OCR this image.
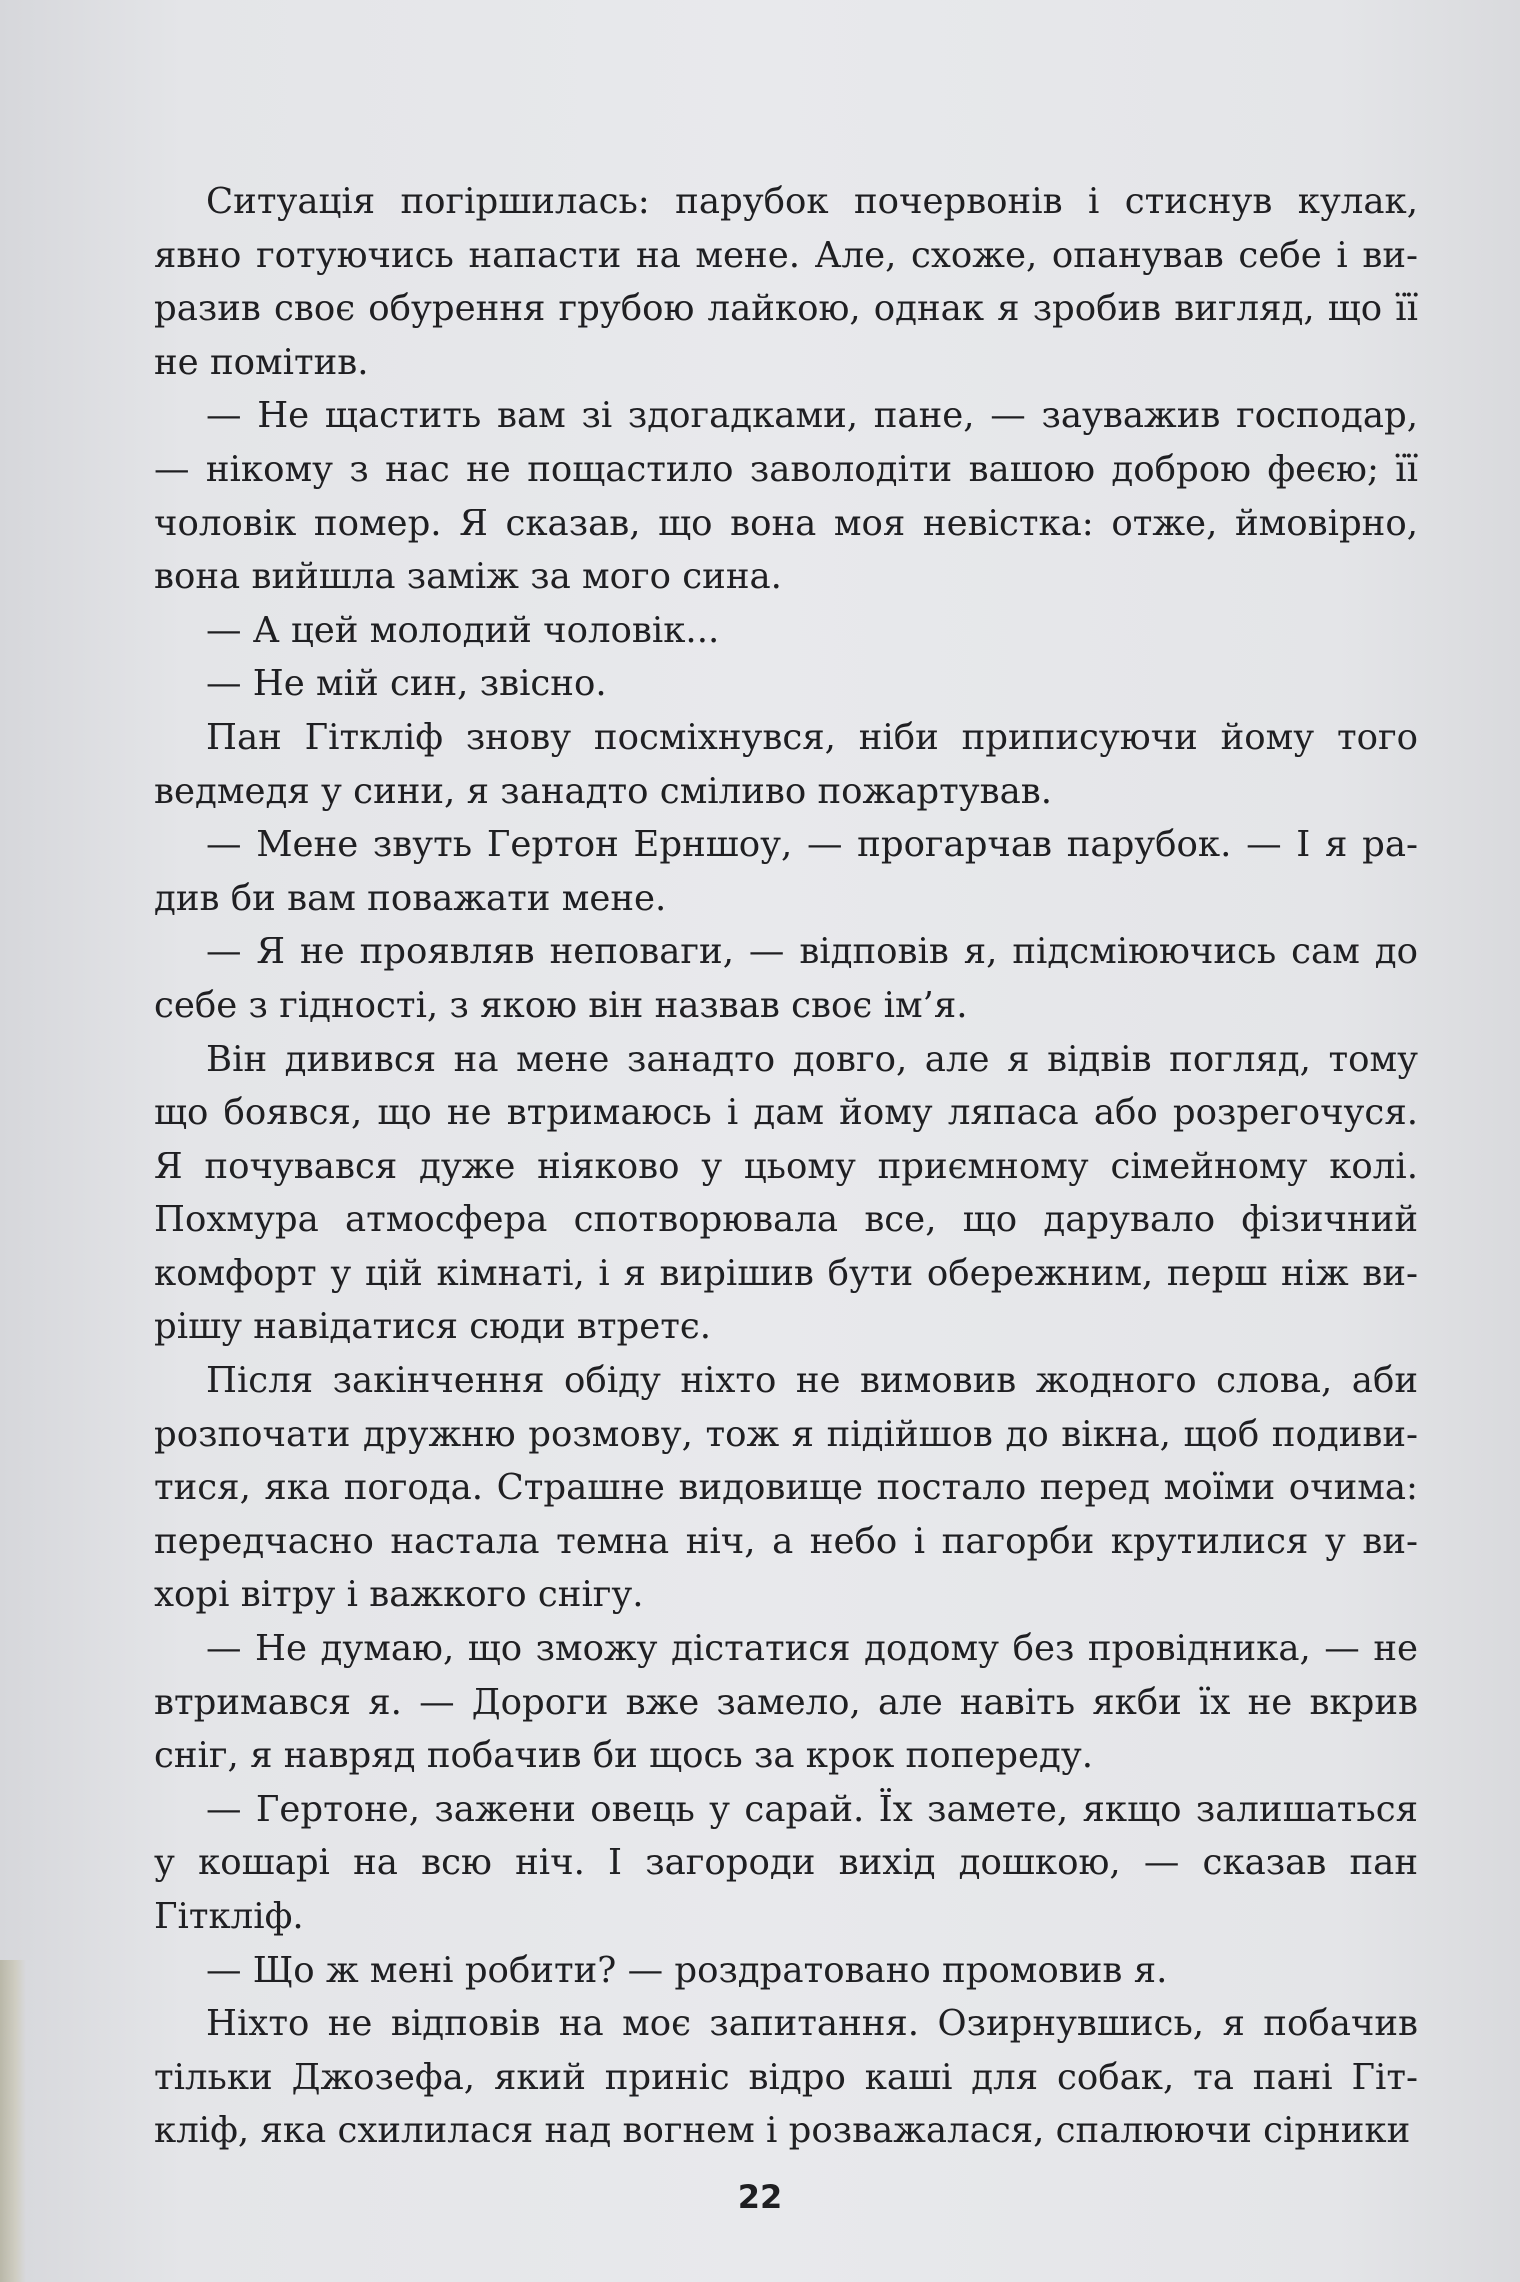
Ситуація погіршилась: парубок почервонів і стиснув кулак, явно готуючись напасти на мене. Але, схоже, опанував себе і виразив своє обурення грубою лайкою, однак я зробив вигляд, що її не помітив.

— Не щастить вам зі здогадками, пане, — зауважив господар, — нікому з нас не пощастило заволодіти вашою доброю феєю; її чоловік помер. Я сказав, що вона моя невістка: отже, ймовірно, вона вийшла заміж за мого сина.

— А цей молодий чоловік...

— Не мій син, звісно.

Пан Гіткліф знову посміхнувся, ніби приписуючи йому того ведмедя у сини, я занадто сміливо пожартував.

— Мене звуть Гертон Ерншоу, — прогарчав парубок. — І я радив би вам поважати мене.

— Я не проявляв неповаги, — відповів я, підсміюючись сам до себе з гідності, з якою він назвав своє ім’я.

Він дивився на мене занадто довго, але я відвів погляд, тому що боявся, що не втримаюсь і дам йому ляпаса або розрегочуся. Я почувався дуже ніяково у цьому приємному сімейному колі. Похмура атмосфера спотворювала все, що дарувало фізичний комфорт у цій кімнаті, і я вирішив бути обережним, перш ніж вирішу навідатися сюди втретє.

Після закінчення обіду ніхто не вимовив жодного слова, аби розпочати дружню розмову, тож я підійшов до вікна, щоб подивитися, яка погода. Страшне видовище постало перед моїми очима: передчасно настала темна ніч, а небо і пагорби крутилися у вихорі вітру і важкого снігу.

— Не думаю, що зможу дістатися додому без провідника, — не втримався я. — Дороги вже замело, але навіть якби їх не вкрив сніг, я навряд побачив би щось за крок попереду.

— Гертоне, зажени овець у сарай. Їх замете, якщо залишаться у кошарі на всю ніч. І загороди вихід дошкою, — сказав пан Гіткліф.

— Що ж мені робити? — роздратовано промовив я.

Ніхто не відповів на моє запитання. Озирнувшись, я побачив тільки Джозефа, який приніс відро каші для собак, та пані Гіткліф, яка схилилася над вогнем і розважалася, спалюючи сірники

22
